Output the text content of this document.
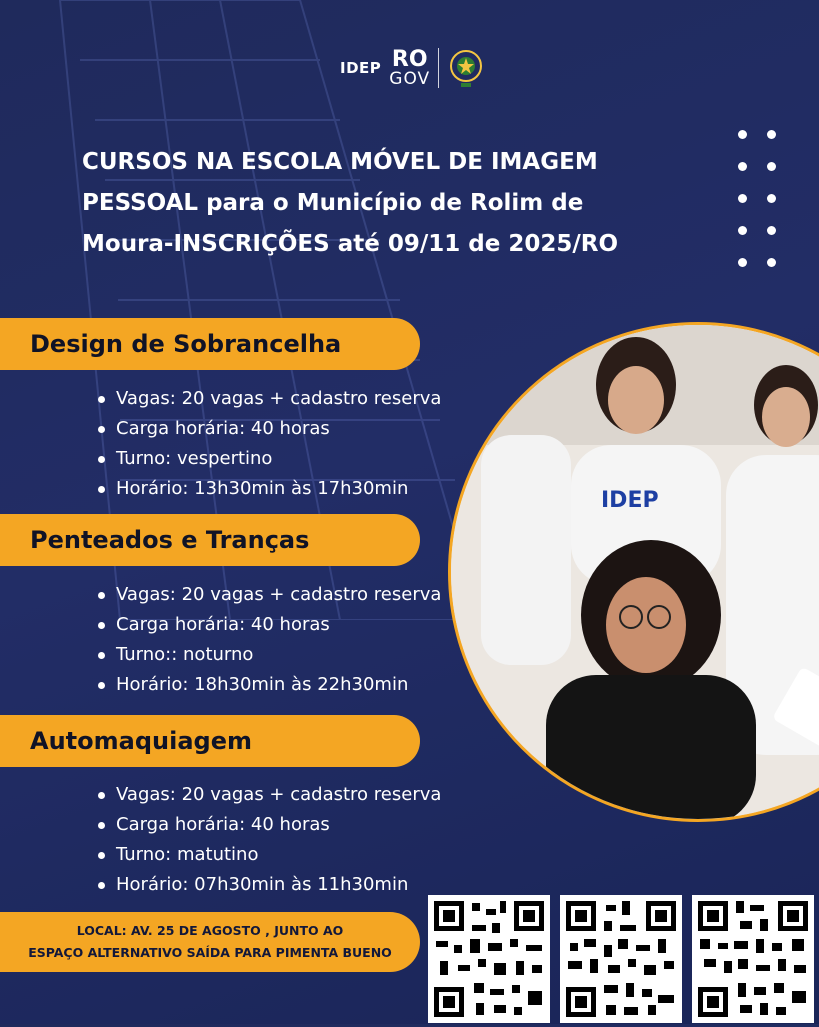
IDEP RO
GOV
CURSOS NA ESCOLA MÓVEL DE IMAGEM
PESSOAL para o Município de Rolim de
Moura-INSCRIÇÕES até 09/11 de 2025/RO
Design de Sobrancelha
Vagas: 20 vagas + cadastro reserva
Carga horária: 40 horas
Turno: vespertino
Horário: 13h30min às 17h30min
Penteados e Tranças
Vagas: 20 vagas + cadastro reserva
Carga horária: 40 horas
Turno:: noturno
Horário: 18h30min às 22h30min
Automaquiagem
Vagas: 20 vagas + cadastro reserva
Carga horária: 40 horas
Turno: matutino
Horário: 07h30min às 11h30min
IDEP
LOCAL: AV. 25 DE AGOSTO , JUNTO AO
ESPAÇO ALTERNATIVO SAÍDA PARA PIMENTA BUENO
